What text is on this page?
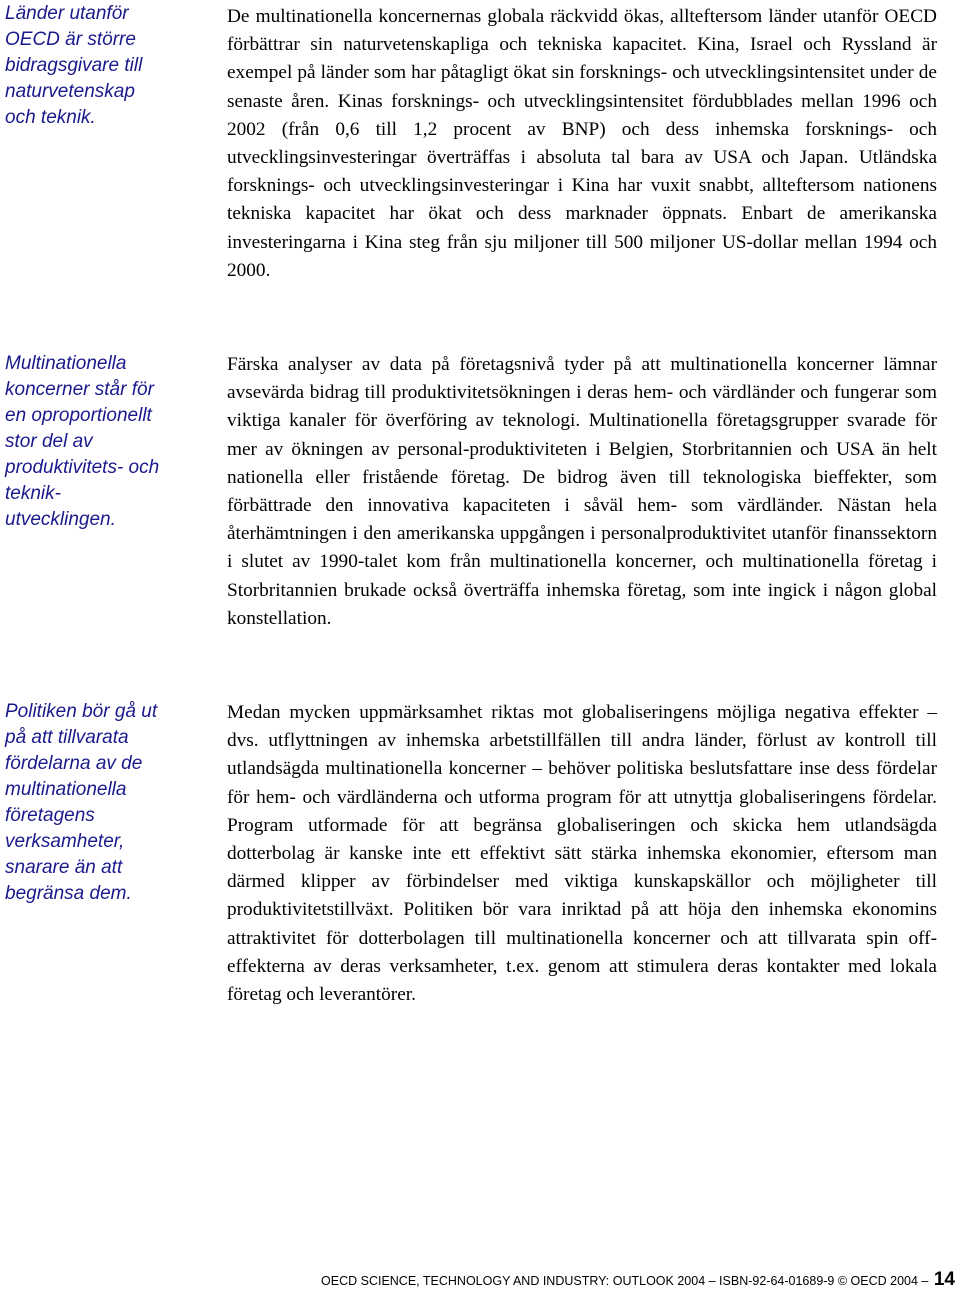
Länder utanför OECD är större bidragsgivare till naturvetenskap och teknik.

Multinationella koncerner står för en oproportionellt stor del av produktivitets- och teknik- utvecklingen.

Politiken bör gå ut på att tillvarata fördelarna av de multinationella företagens verksamheter, snarare än att begränsa dem.

De multinationella koncernernas globala räckvidd ökas, allteftersom länder utanför OECD förbättrar sin naturvetenskapliga och tekniska kapacitet. Kina, Israel och Ryssland är exempel på länder som har påtagligt ökat sin forsknings- och utvecklingsintensitet under de senaste åren. Kinas forsknings- och utvecklingsintensitet fördubblades mellan 1996 och 2002 (från 0,6 till 1,2 procent av BNP) och dess inhemska forsknings- och utvecklingsinvesteringar överträffas i absoluta tal bara av USA och Japan. Utländska forsknings- och utvecklingsinvesteringar i Kina har vuxit snabbt, allteftersom nationens tekniska kapacitet har ökat och dess marknader öppnats. Enbart de amerikanska investeringarna i Kina steg från sju miljoner till 500 miljoner US-dollar mellan 1994 och 2000.

Färska analyser av data på företagsnivå tyder på att multinationella koncerner lämnar avsevärda bidrag till produktivitetsökningen i deras hem- och värdländer och fungerar som viktiga kanaler för överföring av teknologi. Multinationella företagsgrupper svarade för mer av ökningen av personal-produktiviteten i Belgien, Storbritannien och USA än helt nationella eller fristående företag. De bidrog även till teknologiska bieffekter, som förbättrade den innovativa kapaciteten i såväl hem- som värdländer. Nästan hela återhämtningen i den amerikanska uppgången i personalproduktivitet utanför finanssektorn i slutet av 1990-talet kom från multinationella koncerner, och multinationella företag i Storbritannien brukade också överträffa inhemska företag, som inte ingick i någon global konstellation.

Medan mycken uppmärksamhet riktas mot globaliseringens möjliga negativa effekter – dvs. utflyttningen av inhemska arbetstillfällen till andra länder, förlust av kontroll till utlandsägda multinationella koncerner – behöver politiska beslutsfattare inse dess fördelar för hem- och värdländerna och utforma program för att utnyttja globaliseringens fördelar. Program utformade för att begränsa globaliseringen och skicka hem utlandsägda dotterbolag är kanske inte ett effektivt sätt stärka inhemska ekonomier, eftersom man därmed klipper av förbindelser med viktiga kunskapskällor och möjligheter till produktivitetstillväxt. Politiken bör vara inriktad på att höja den inhemska ekonomins attraktivitet för dotterbolagen till multinationella koncerner och att tillvarata spin off-effekterna av deras verksamheter, t.ex. genom att stimulera deras kontakter med lokala företag och leverantörer.

OECD SCIENCE, TECHNOLOGY AND INDUSTRY: OUTLOOK 2004 – ISBN-92-64-01689-9 © OECD 2004 – 14
